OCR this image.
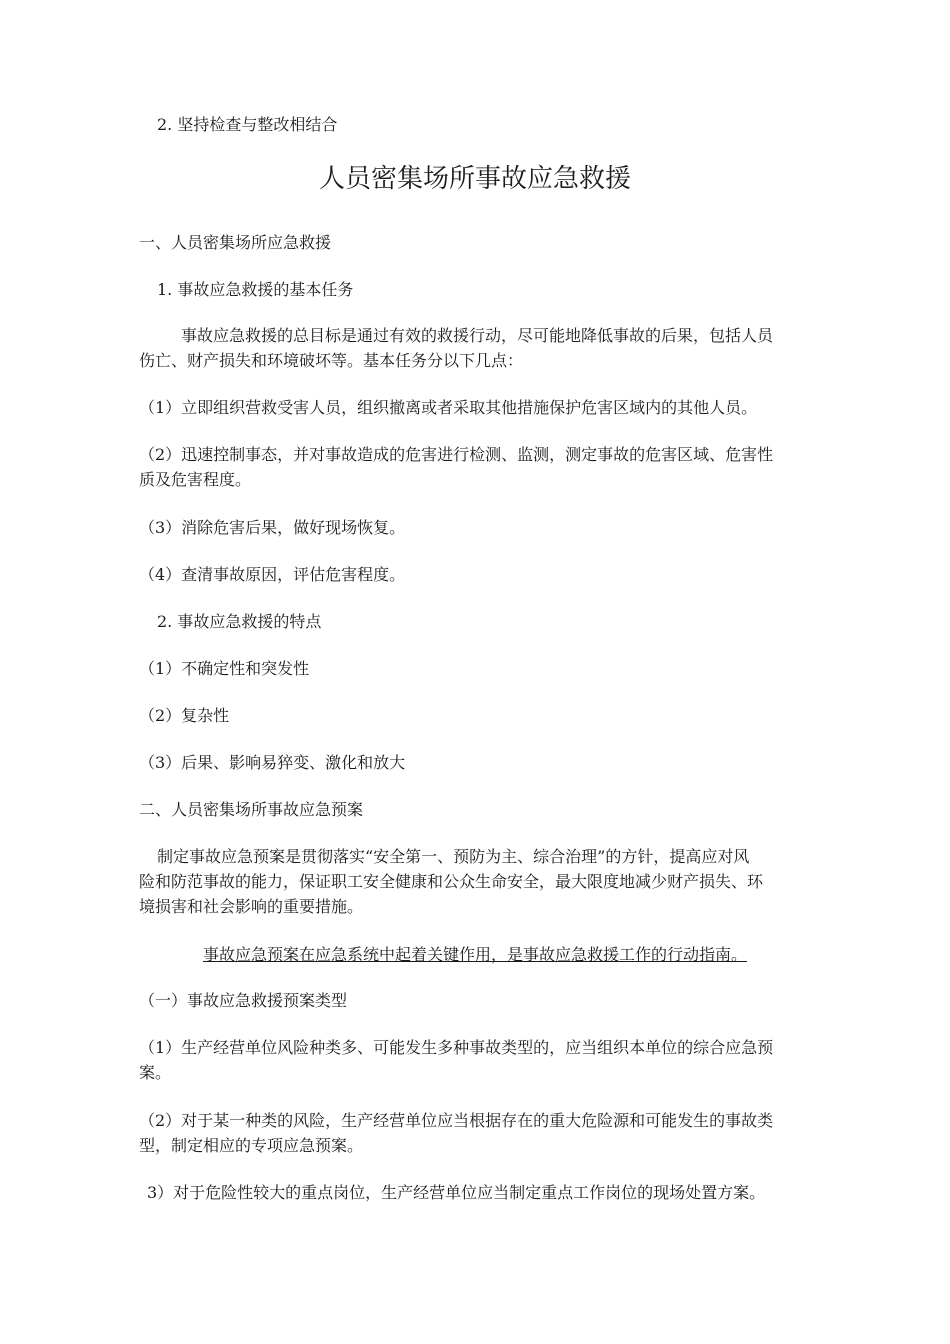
2. 坚持检查与整改相结合

人员密集场所事故应急救援

一、人员密集场所应急救援

1. 事故应急救援的基本任务

事故应急救援的总目标是通过有效的救援行动，尽可能地降低事故的后果，包括人员

伤亡、财产损失和环境破坏等。基本任务分以下几点：

（1）立即组织营救受害人员，组织撤离或者采取其他措施保护危害区域内的其他人员。

（2）迅速控制事态，并对事故造成的危害进行检测、监测，测定事故的危害区域、危害性

质及危害程度。

（3）消除危害后果，做好现场恢复。

（4）查清事故原因，评估危害程度。

2. 事故应急救援的特点

（1）不确定性和突发性

（2）复杂性

（3）后果、影响易猝变、激化和放大

二、人员密集场所事故应急预案

制定事故应急预案是贯彻落实“安全第一、预防为主、综合治理”的方针，提高应对风

险和防范事故的能力，保证职工安全健康和公众生命安全，最大限度地减少财产损失、环

境损害和社会影响的重要措施。

事故应急预案在应急系统中起着关键作用，是事故应急救援工作的行动指南。

（一）事故应急救援预案类型

（1）生产经营单位风险种类多、可能发生多种事故类型的，应当组织本单位的综合应急预

案。

（2）对于某一种类的风险，生产经营单位应当根据存在的重大危险源和可能发生的事故类

型，制定相应的专项应急预案。

3）对于危险性较大的重点岗位，生产经营单位应当制定重点工作岗位的现场处置方案。
